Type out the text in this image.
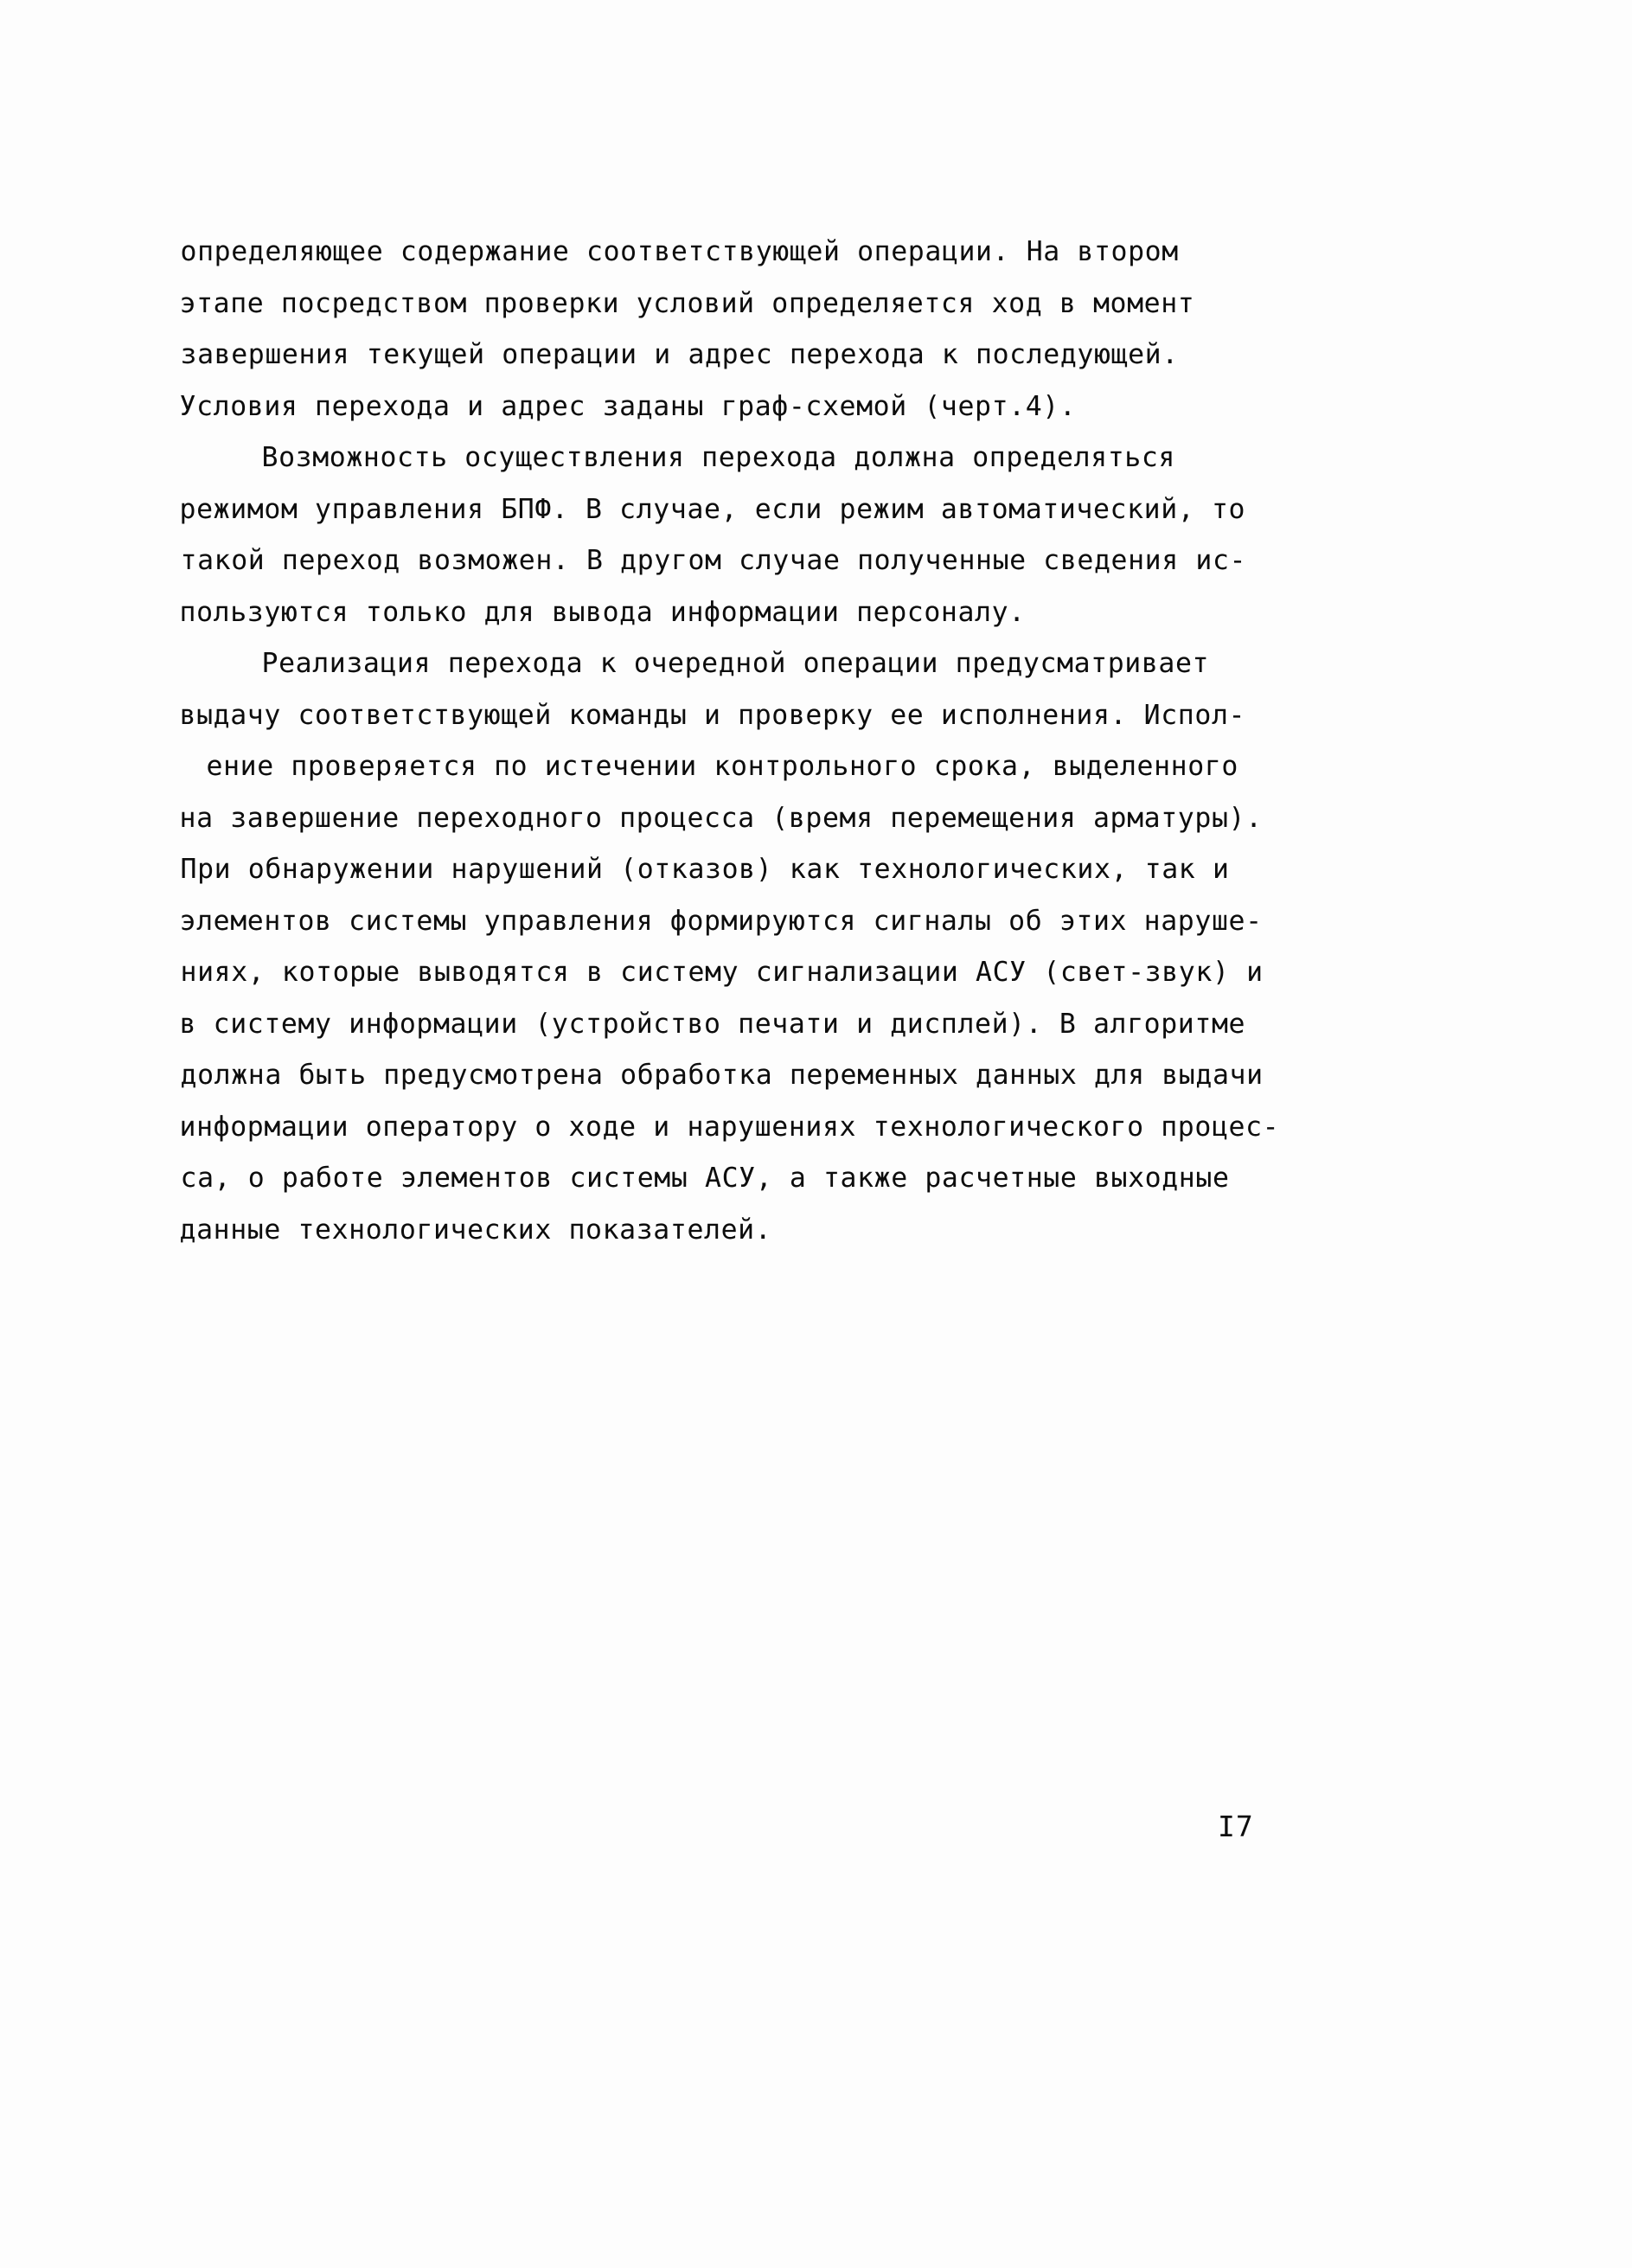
определяющее содержание соответствующей операции. На втором
этапе посредством проверки условий определяется ход в момент
завершения текущей операции и адрес перехода к последующей.
Условия перехода и адрес заданы граф-схемой (черт.4).
Возможность осуществления перехода должна определяться
режимом управления БПФ. В случае, если режим автоматический, то
такой переход возможен. В другом случае полученные сведения ис-
пользуются только для вывода информации персоналу.
Реализация перехода к очередной операции предусматривает
выдачу соответствующей команды и проверку ее исполнения. Испол-
ение проверяется по истечении контрольного срока, выделенного
на завершение переходного процесса (время перемещения арматуры).
При обнаружении нарушений (отказов) как технологических, так и
элементов системы управления формируются сигналы об этих наруше-
ниях, которые выводятся в систему сигнализации АСУ (свет-звук) и
в систему информации (устройство печати и дисплей). В алгоритме
должна быть предусмотрена обработка переменных данных для выдачи
информации оператору о ходе и нарушениях технологического процес-
са, о работе элементов системы АСУ, а также расчетные выходные
данные технологических показателей.
I7
